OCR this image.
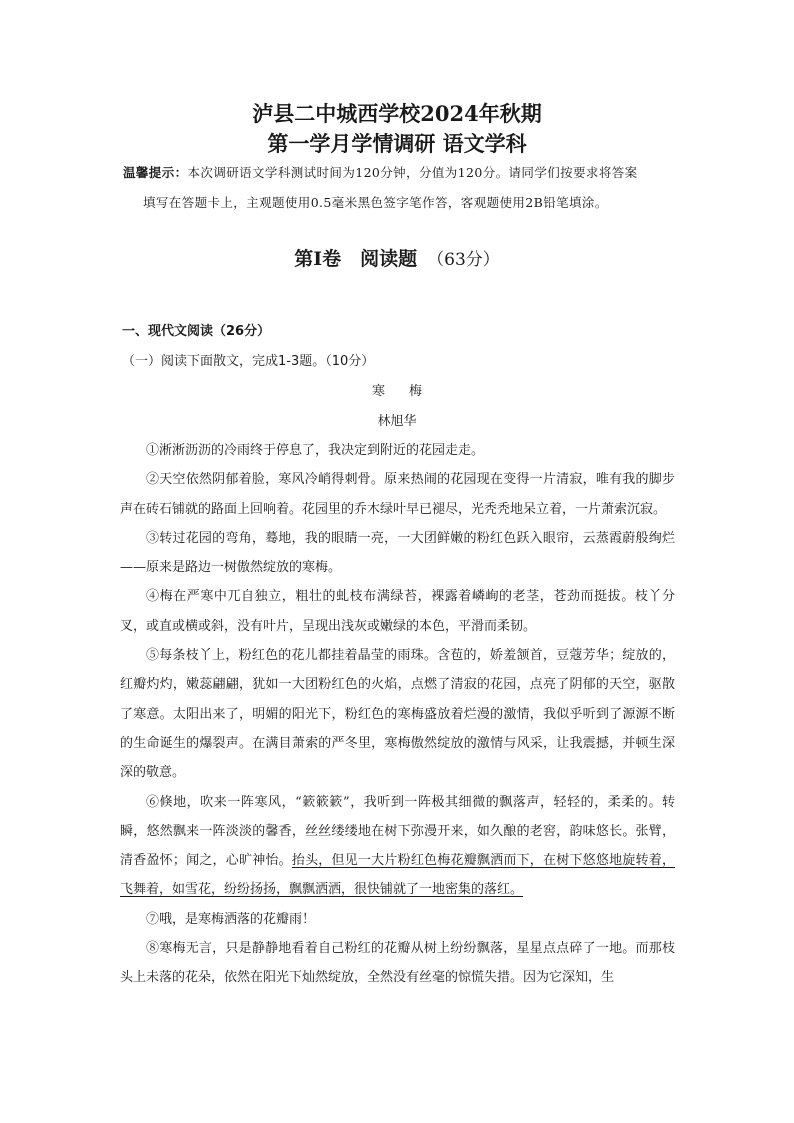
泸县二中城西学校2024年秋期
第一学月学情调研 语文学科
温馨提示：本次调研语文学科测试时间为120分钟，分值为120分。请同学们按要求将答案
填写在答题卡上，主观题使用0.5毫米黑色签字笔作答，客观题使用2B铅笔填涂。
第Ⅰ卷　阅读题 （63分）
一、现代文阅读（26分）
（一）阅读下面散文，完成1-3题。（10分）
寒梅
林旭华

①淅淅沥沥的冷雨终于停息了，我决定到附近的花园走走。

②天空依然阴郁着脸，寒风冷峭得刺骨。原来热闹的花园现在变得一片清寂，唯有我的脚步声在砖石铺就的路面上回响着。花园里的乔木绿叶早已褪尽，光秃秃地呆立着，一片萧索沉寂。

③转过花园的弯角，蓦地，我的眼睛一亮，一大团鲜嫩的粉红色跃入眼帘，云蒸霞蔚般绚烂——原来是路边一树傲然绽放的寒梅。

④梅在严寒中兀自独立，粗壮的虬枝布满绿苔，裸露着嶙峋的老茎，苍劲而挺拔。枝丫分叉，或直或横或斜，没有叶片，呈现出浅灰或嫩绿的本色，平滑而柔韧。

⑤每条枝丫上，粉红色的花儿都挂着晶莹的雨珠。含苞的，娇羞颔首，豆蔻芳华；绽放的，红瓣灼灼，嫩蕊翩翩，犹如一大团粉红色的火焰，点燃了清寂的花园，点亮了阴郁的天空，驱散了寒意。太阳出来了，明媚的阳光下，粉红色的寒梅盛放着烂漫的激情，我似乎听到了源源不断的生命诞生的爆裂声。在满目萧索的严冬里，寒梅傲然绽放的激情与风采，让我震撼，并顿生深深的敬意。

⑥倏地，吹来一阵寒风，“簌簌簌”，我听到一阵极其细微的飘落声，轻轻的，柔柔的。转瞬，悠然飘来一阵淡淡的馨香，丝丝缕缕地在树下弥漫开来，如久酿的老窖，韵味悠长。张臂，清香盈怀；闻之，心旷神怡。抬头，但见一大片粉红色梅花瓣飘洒而下，在树下悠悠地旋转着，飞舞着，如雪花，纷纷扬扬，飘飘洒洒，很快铺就了一地密集的落红。

⑦哦，是寒梅洒落的花瓣雨！

⑧寒梅无言，只是静静地看着自己粉红的花瓣从树上纷纷飘落，星星点点碎了一地。而那枝头上未落的花朵，依然在阳光下灿然绽放，全然没有丝毫的惊慌失措。因为它深知，生
